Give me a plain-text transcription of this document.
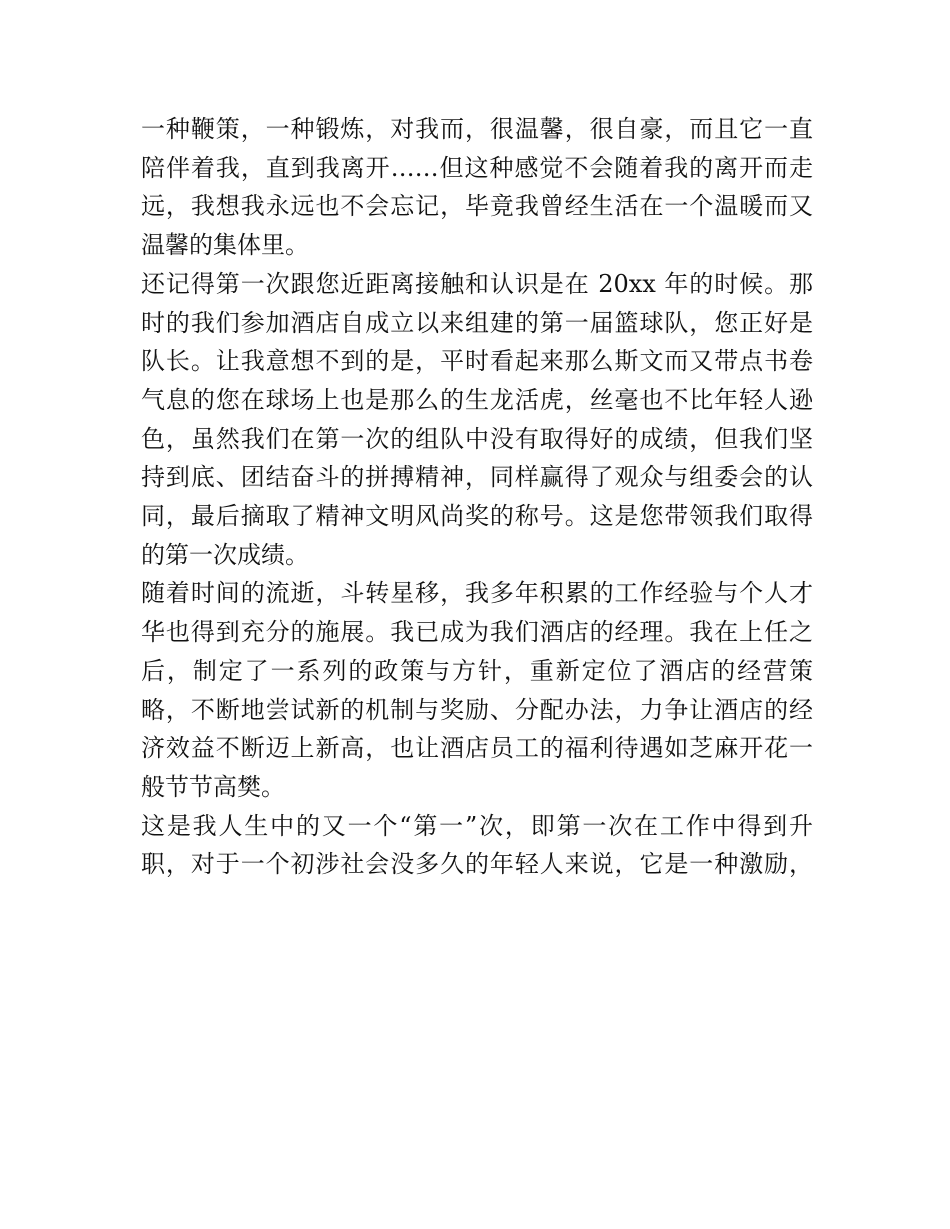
一种鞭策，一种锻炼，对我而，很温馨，很自豪，而且它一直
陪伴着我，直到我离开……但这种感觉不会随着我的离开而走
远，我想我永远也不会忘记，毕竟我曾经生活在一个温暖而又
温馨的集体里。

还记得第一次跟您近距离接触和认识是在 20xx 年的时候。那
时的我们参加酒店自成立以来组建的第一届篮球队，您正好是
队长。让我意想不到的是，平时看起来那么斯文而又带点书卷
气息的您在球场上也是那么的生龙活虎，丝毫也不比年轻人逊
色，虽然我们在第一次的组队中没有取得好的成绩，但我们坚
持到底、团结奋斗的拼搏精神，同样赢得了观众与组委会的认
同，最后摘取了精神文明风尚奖的称号。这是您带领我们取得
的第一次成绩。

随着时间的流逝，斗转星移，我多年积累的工作经验与个人才
华也得到充分的施展。我已成为我们酒店的经理。我在上任之
后，制定了一系列的政策与方针，重新定位了酒店的经营策
略，不断地尝试新的机制与奖励、分配办法，力争让酒店的经
济效益不断迈上新高，也让酒店员工的福利待遇如芝麻开花一
般节节高樊。

这是我人生中的又一个“第一”次，即第一次在工作中得到升
职，对于一个初涉社会没多久的年轻人来说，它是一种激励，
